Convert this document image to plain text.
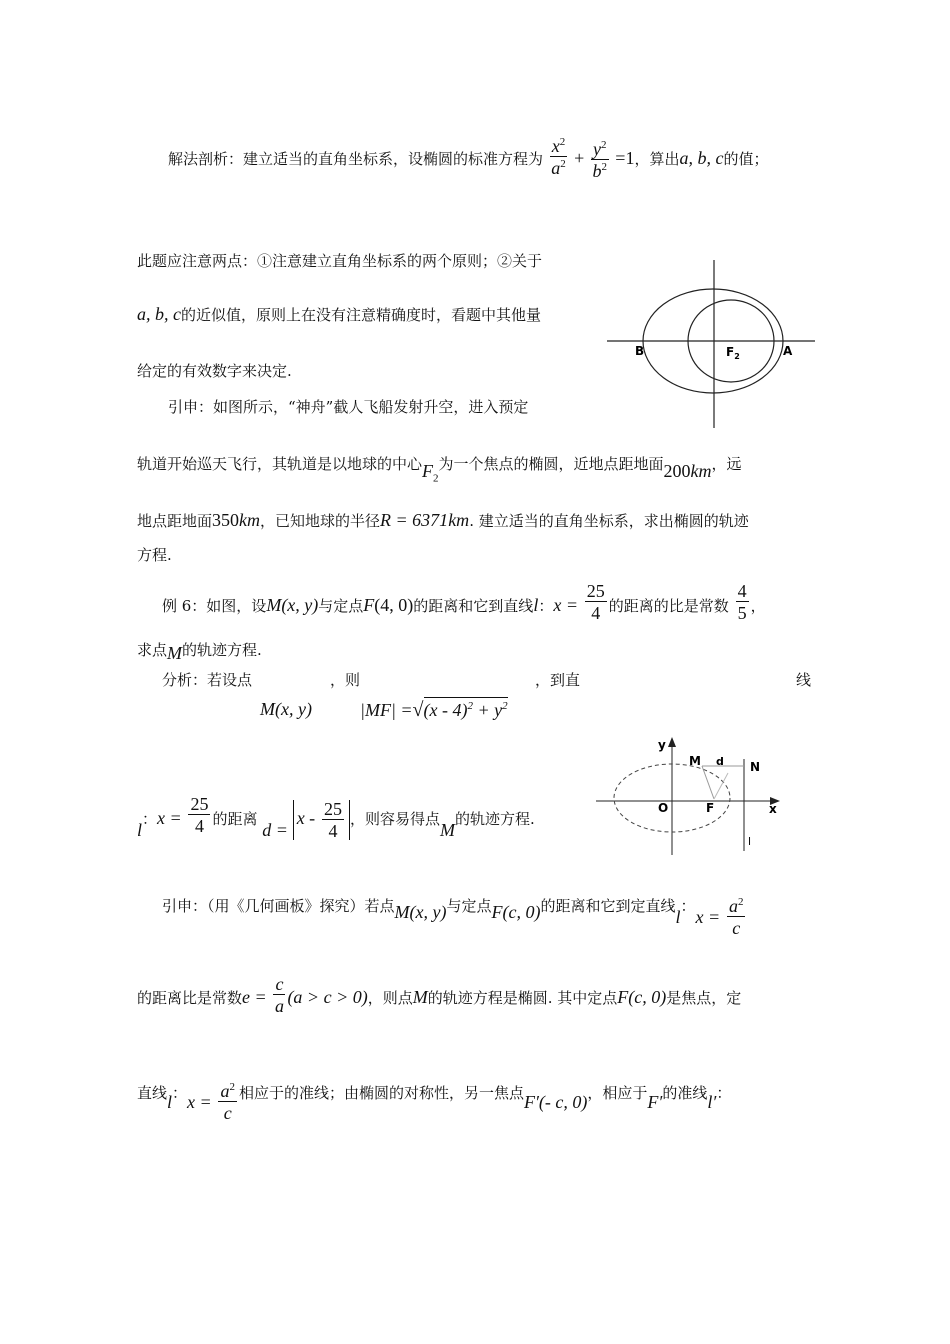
解法剖析：建立适当的直角坐标系，设椭圆的标准方程为 $\frac{x^2}{a^2} + \frac{y^2}{b^2} =1$，算出a, b, c的值；
此题应注意两点：①注意建立直角坐标系的两个原则；②关于
a, b, c的近似值，原则上在没有注意精确度时，看题中其他量
给定的有效数字来决定.
B	$F_2$	A
引申：如图所示，“神舟”截人飞船发射升空，进入预定
轨道开始巡天飞行，其轨道是以地球的中心$F_2$为一个焦点的椭圆，近地点距地面200km，远
地点距地面350km，已知地球的半径R = 6371km. 建立适当的直角坐标系，求出椭圆的轨迹
方程.
例 6：如图，设M(x, y)与定点F(4, 0)的距离和它到直线l：$x = \frac{25}{4}$ 的距离的比是常数 $\frac{4}{5}$ ，
求点M的轨迹方程.
分析：若设点	，则	，到直	线
M(x, y)	$|MF| =√(x - 4)^2 + y^2$
y
M d N
O	F	x
l
l：$x = \frac{25}{4}$ 的距离 $d = x - \frac{25}{4}$ ，则容易得点M的轨迹方程.
引申：（用《几何画板》探究）若点M(x, y)与定点F(c, 0)的距离和它到定直线l：$x = \frac{a^2}{c}$
的距离比是常数$e = \frac{c}{a} (a > c > 0)$，则点M的轨迹方程是椭圆. 其中定点F(c, 0)是焦点，定
直线l：$x = \frac{a^2}{c}$ 相应于的准线；由椭圆的对称性，另一焦点F′(- c, 0)，相应于F′的准线l′：
